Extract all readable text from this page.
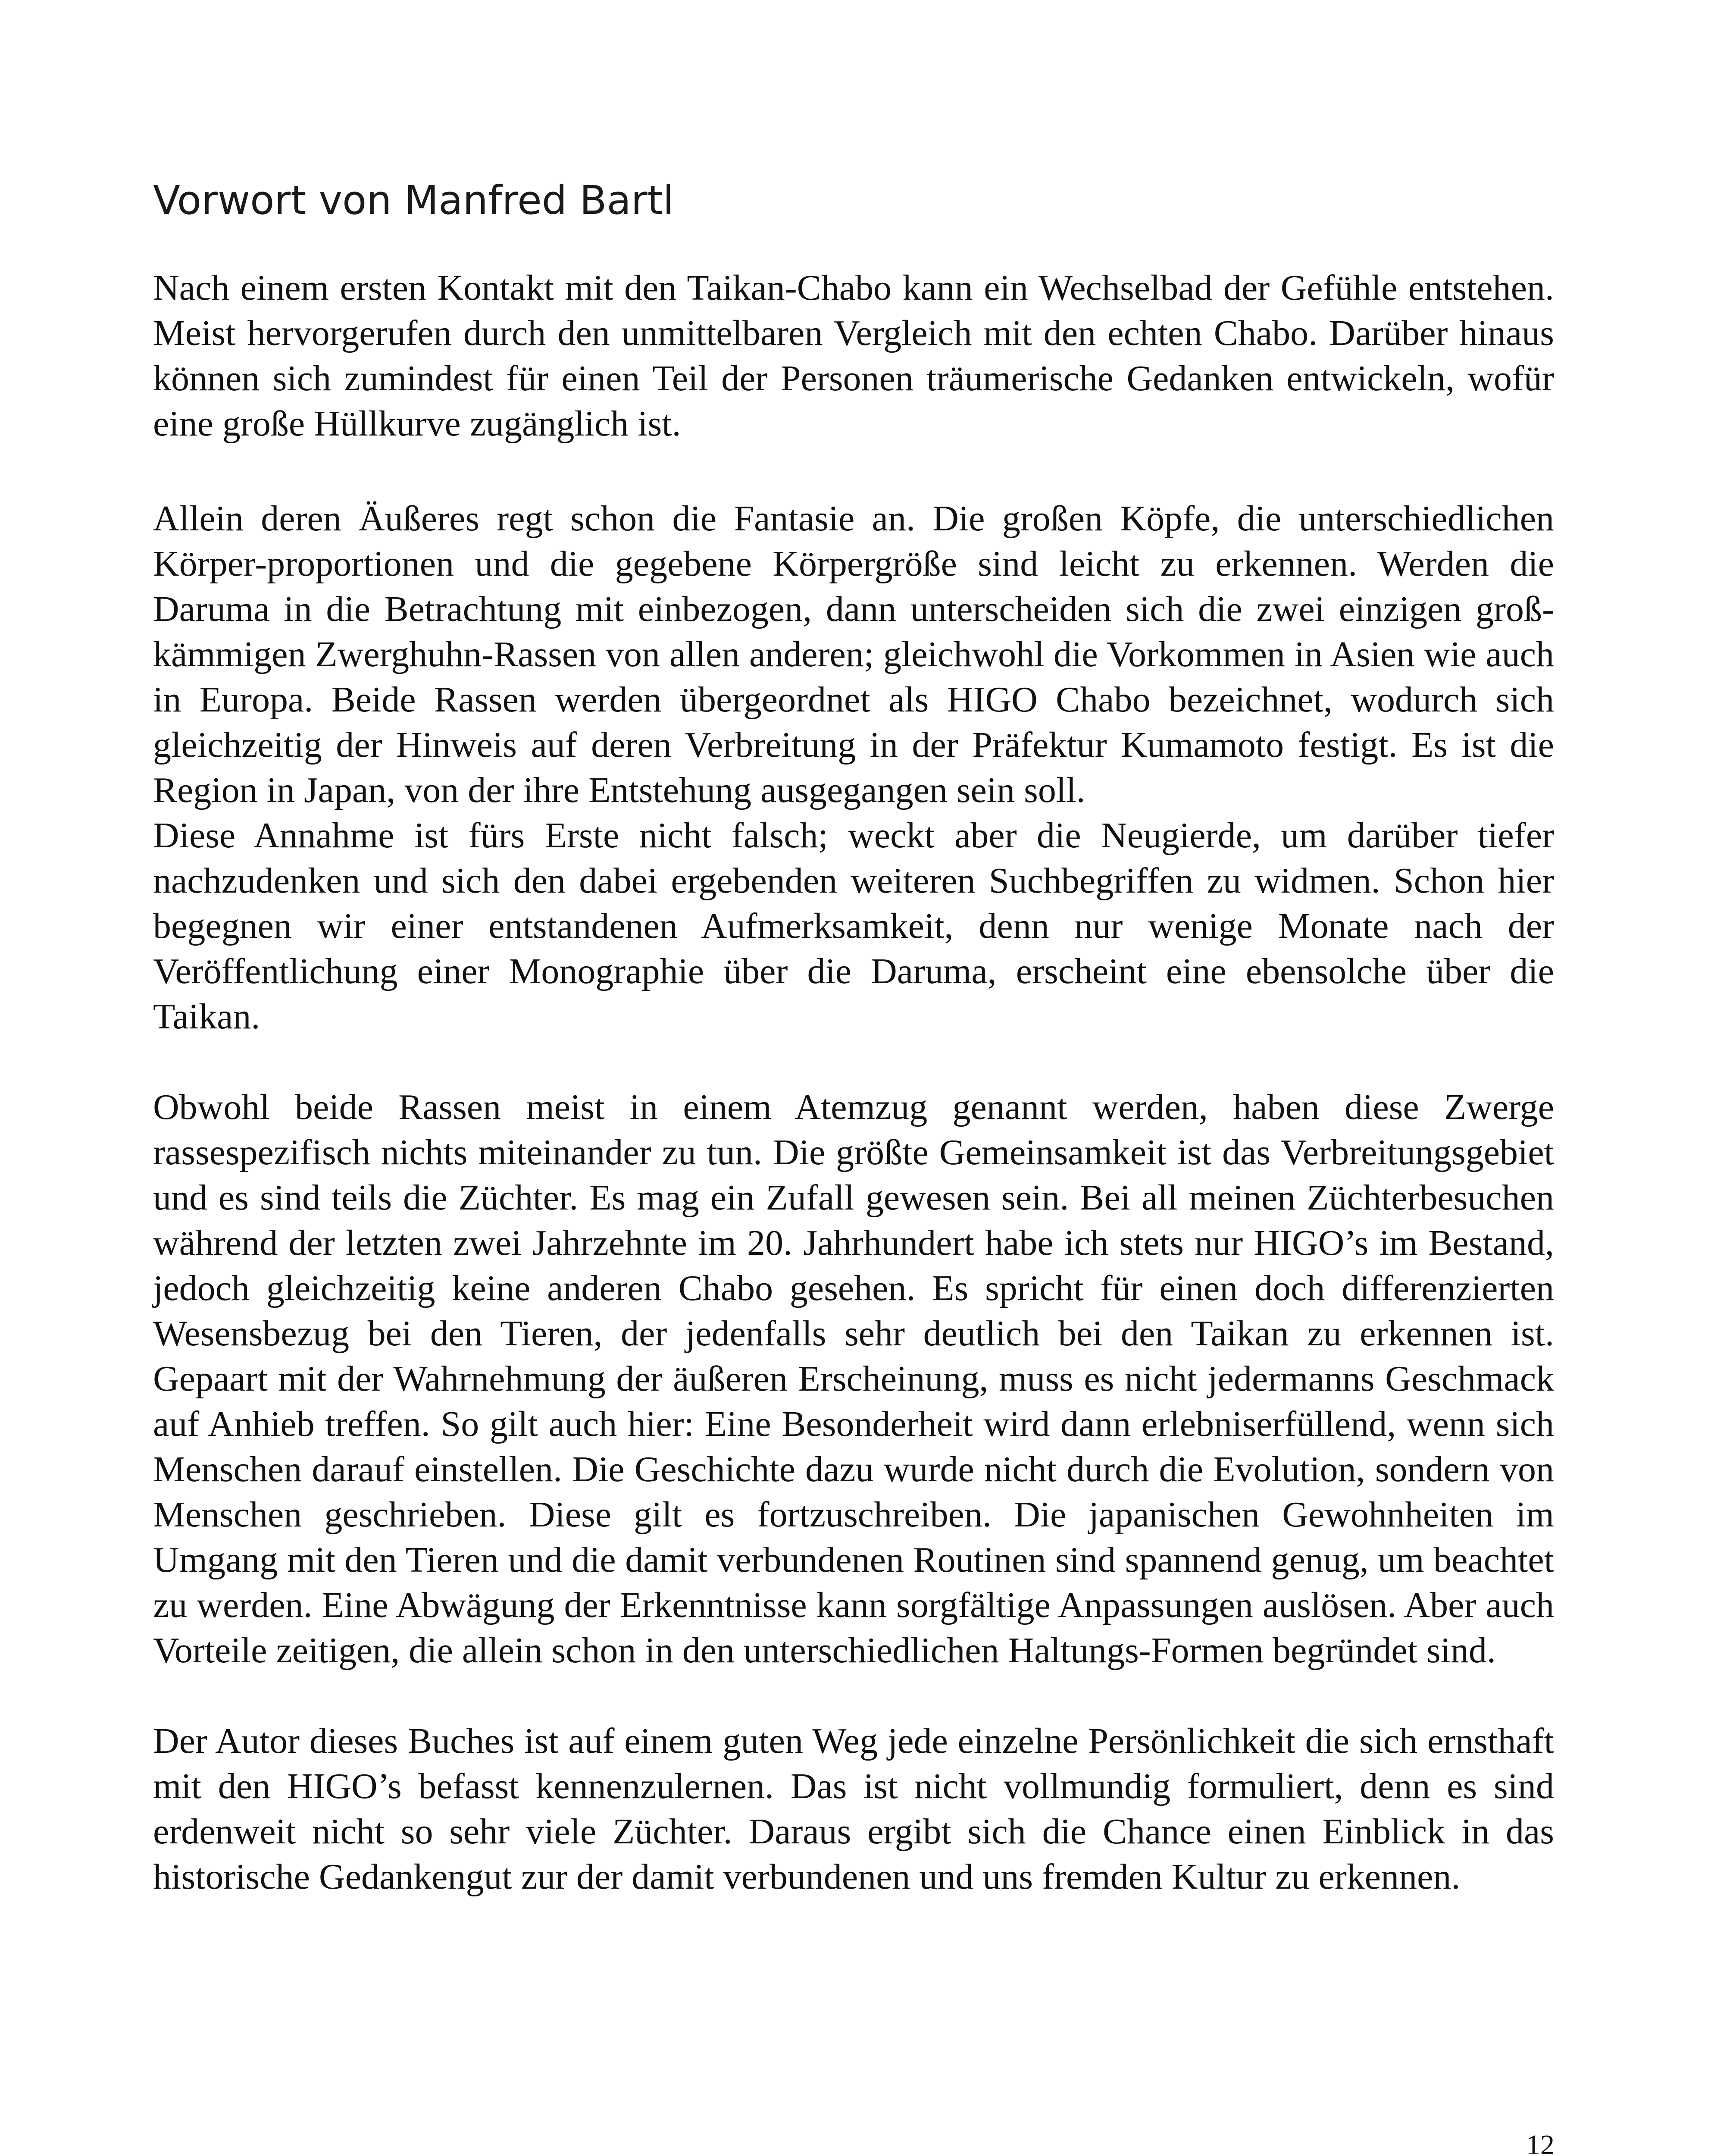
Vorwort von Manfred Bartl

Nach einem ersten Kontakt mit den Taikan-Chabo kann ein Wechselbad der Gefühle entstehen. Meist hervorgerufen durch den unmittelbaren Vergleich mit den echten Chabo. Darüber hinaus können sich zumindest für einen Teil der Personen träumerische Gedanken entwickeln, wofür eine große Hüllkurve zugänglich ist.

Allein deren Äußeres regt schon die Fantasie an. Die großen Köpfe, die unterschiedlichen Körper-proportionen und die gegebene Körpergröße sind leicht zu erkennen. Werden die Daruma in die Betrachtung mit einbezogen, dann unterscheiden sich die zwei einzigen groß- kämmigen Zwerghuhn-Rassen von allen anderen; gleichwohl die Vorkommen in Asien wie auch in Europa. Beide Rassen werden übergeordnet als HIGO Chabo bezeichnet, wodurch sich gleichzeitig der Hinweis auf deren Verbreitung in der Präfektur Kumamoto festigt. Es ist die Region in Japan, von der ihre Entstehung ausgegangen sein soll.

Diese Annahme ist fürs Erste nicht falsch; weckt aber die Neugierde, um darüber tiefer nachzudenken und sich den dabei ergebenden weiteren Suchbegriffen zu widmen. Schon hier begegnen wir einer entstandenen Aufmerksamkeit, denn nur wenige Monate nach der Veröffentlichung einer Monographie über die Daruma, erscheint eine ebensolche über die Taikan.

Obwohl beide Rassen meist in einem Atemzug genannt werden, haben diese Zwerge rassespezifisch nichts miteinander zu tun. Die größte Gemeinsamkeit ist das Verbreitungsgebiet und es sind teils die Züchter. Es mag ein Zufall gewesen sein. Bei all meinen Züchterbesuchen während der letzten zwei Jahrzehnte im 20. Jahrhundert habe ich stets nur HIGO’s im Bestand, jedoch gleichzeitig keine anderen Chabo gesehen. Es spricht für einen doch differenzierten Wesensbezug bei den Tieren, der jedenfalls sehr deutlich bei den Taikan zu erkennen ist. Gepaart mit der Wahrnehmung der äußeren Erscheinung, muss es nicht jedermanns Geschmack auf Anhieb treffen. So gilt auch hier: Eine Besonderheit wird dann erlebniserfüllend, wenn sich Menschen darauf einstellen. Die Geschichte dazu wurde nicht durch die Evolution, sondern von Menschen geschrieben. Diese gilt es fortzuschreiben. Die japanischen Gewohnheiten im Umgang mit den Tieren und die damit verbundenen Routinen sind spannend genug, um beachtet zu werden. Eine Abwägung der Erkenntnisse kann sorgfältige Anpassungen auslösen. Aber auch Vorteile zeitigen, die allein schon in den unterschiedlichen Haltungs-Formen begründet sind.

Der Autor dieses Buches ist auf einem guten Weg jede einzelne Persönlichkeit die sich ernsthaft mit den HIGO’s befasst kennenzulernen. Das ist nicht vollmundig formuliert, denn es sind erdenweit nicht so sehr viele Züchter. Daraus ergibt sich die Chance einen Einblick in das historische Gedankengut zur der damit verbundenen und uns fremden Kultur zu erkennen.

12
